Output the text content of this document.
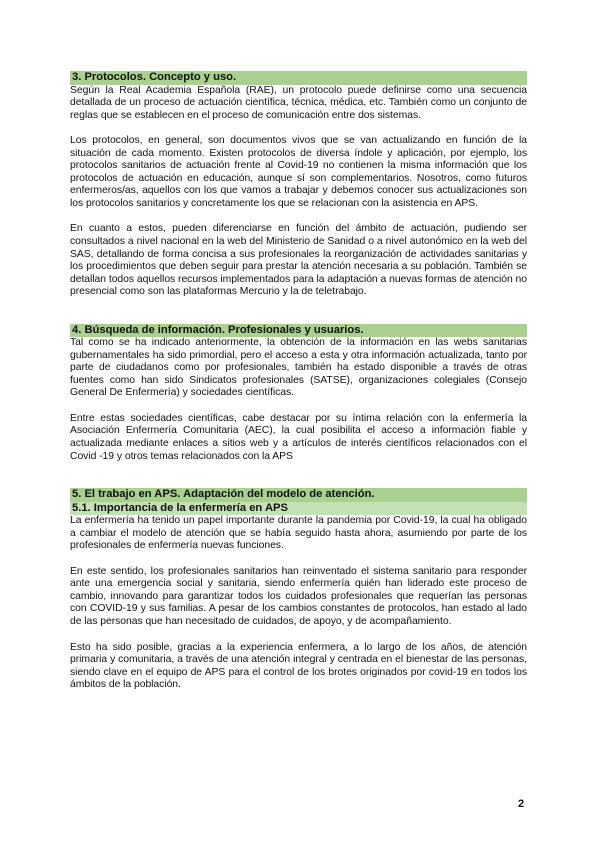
3. Protocolos. Concepto y uso.

Según la Real Academia Española (RAE), un protocolo puede definirse como una secuencia detallada de un proceso de actuación científica, técnica, médica, etc. También como un conjunto de reglas que se establecen en el proceso de comunicación entre dos sistemas.

Los protocolos, en general, son documentos vivos que se van actualizando en función de la situación de cada momento. Existen protocolos de diversa índole y aplicación, por ejemplo, los protocolos sanitarios de actuación frente al Covid-19 no contienen la misma información que los protocolos de actuación en educación, aunque sí son complementarios. Nosotros, como futuros enfermeros/as, aquellos con los que vamos a trabajar y debemos conocer sus actualizaciones son los protocolos sanitarios y concretamente los que se relacionan con la asistencia en APS.

En cuanto a estos, pueden diferenciarse en función del ámbito de actuación, pudiendo ser consultados a nivel nacional en la web del Ministerio de Sanidad o a nivel autonómico en la web del SAS, detallando de forma concisa a sus profesionales la reorganización de actividades sanitarias y los procedimientos que deben seguir para prestar la atención necesaria a su población. También se detallan todos aquellos recursos implementados para la adaptación a nuevas formas de atención no presencial como son las plataformas Mercurio y la de teletrabajo.

4. Búsqueda de información. Profesionales y usuarios.

Tal como se ha indicado anteriormente, la obtención de la información en las webs sanitarias gubernamentales ha sido primordial, pero el acceso a esta y otra información actualizada, tanto por parte de ciudadanos como por profesionales, también ha estado disponible a través de otras fuentes como han sido Sindicatos profesionales (SATSE), organizaciones colegiales (Consejo General De Enfermería) y sociedades científicas.

Entre estas sociedades científicas, cabe destacar por su íntima relación con la enfermería la Asociación Enfermería Comunitaria (AEC), la cual posibilita el acceso a información fiable y actualizada mediante enlaces a sitios web y a artículos de interés científicos relacionados con el Covid -19 y otros temas relacionados con la APS

5. El trabajo en APS. Adaptación del modelo de atención.
5.1. Importancia de la enfermería en APS

La enfermería ha tenido un papel importante durante la pandemia por Covid-19, la cual ha obligado a cambiar el modelo de atención que se había seguido hasta ahora, asumiendo por parte de los profesionales de enfermería nuevas funciones.

En este sentido, los profesionales sanitarios han reinventado el sistema sanitario para responder ante una emergencia social y sanitaria, siendo enfermería quién han liderado este proceso de cambio, innovando para garantizar todos los cuidados profesionales que requerían las personas con COVID-19 y sus familias. A pesar de los cambios constantes de protocolos, han estado al lado de las personas que han necesitado de cuidados, de apoyo, y de acompañamiento.

Esto ha sido posible, gracias a la experiencia enfermera, a lo largo de los años, de atención primaria y comunitaria, a través de una atención integral y centrada en el bienestar de las personas, siendo clave en el equipo de APS para el control de los brotes originados por covid-19 en todos los ámbitos de la población.

2
